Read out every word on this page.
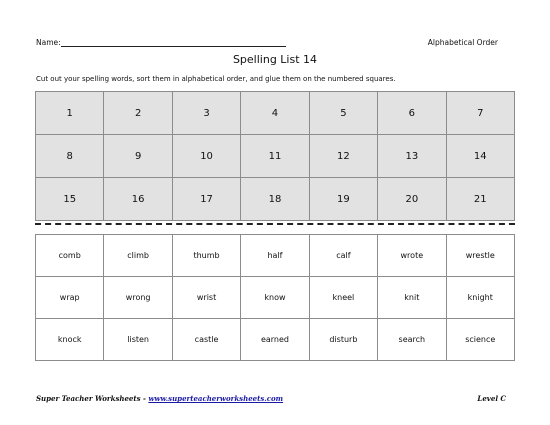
Name:	Alphabetical Order
Spelling List 14
Cut out your spelling words, sort them in alphabetical order, and glue them on the numbered squares.
1	2	3	4	5	6	7
8	9	10	11	12	13	14
15	16	17	18	19	20	21
comb	climb	thumb	half	calf	wrote	wrestle
wrap	wrong	wrist	know	kneel	knit	knight
knock	listen	castle	earned	disturb	search	science
Super Teacher Worksheets - www.superteacherworksheets.com	Level C
